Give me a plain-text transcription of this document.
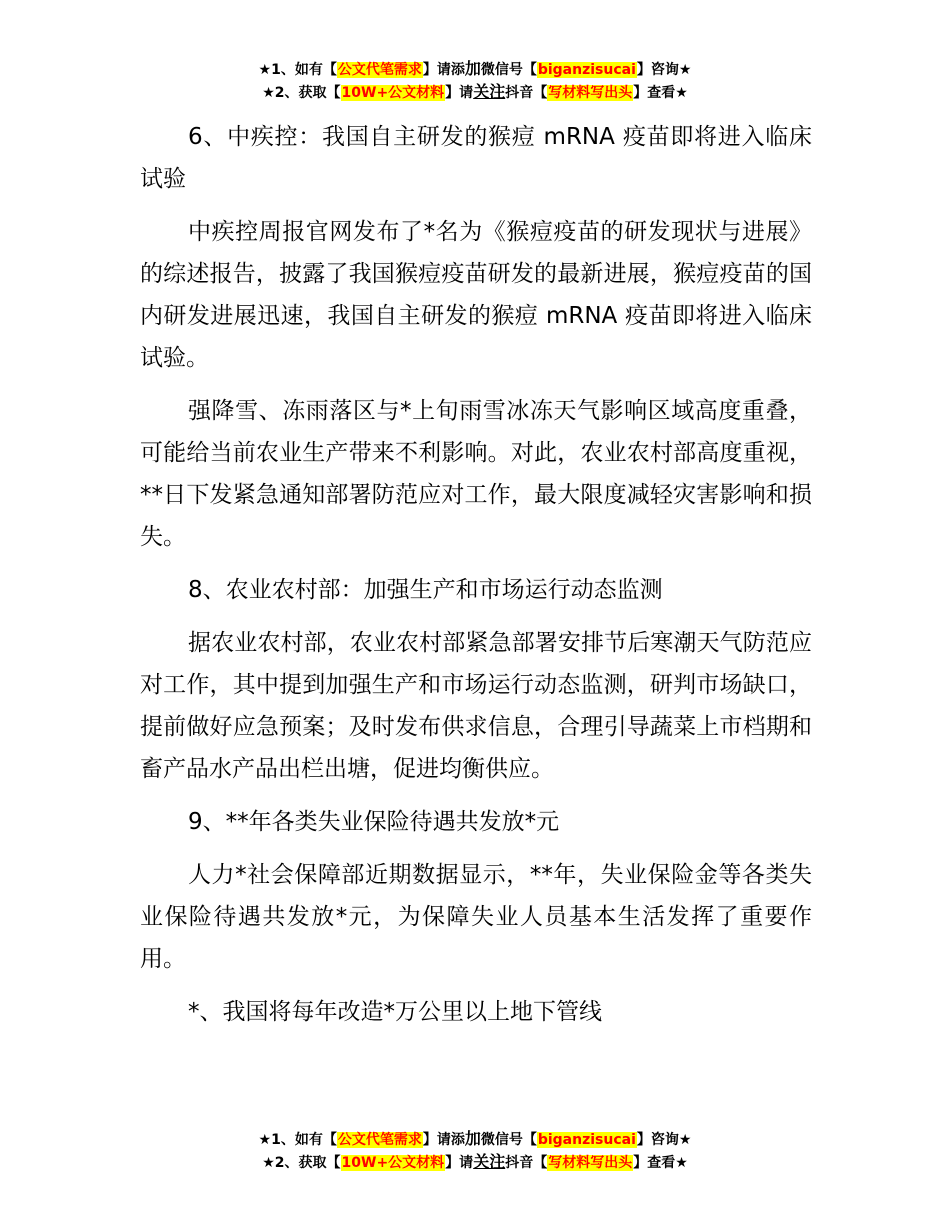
★1、如有【公文代笔需求】请添加微信号【biganzisucai】咨询★
★2、获取【10W+公文材料】请关注抖音【写材料写出头】查看★

6、中疾控：我国自主研发的猴痘 mRNA 疫苗即将进入临床试验

中疾控周报官网发布了*名为《猴痘疫苗的研发现状与进展》的综述报告，披露了我国猴痘疫苗研发的最新进展，猴痘疫苗的国内研发进展迅速，我国自主研发的猴痘 mRNA 疫苗即将进入临床试验。

强降雪、冻雨落区与*上旬雨雪冰冻天气影响区域高度重叠，可能给当前农业生产带来不利影响。对此，农业农村部高度重视，**日下发紧急通知部署防范应对工作，最大限度减轻灾害影响和损失。

8、农业农村部：加强生产和市场运行动态监测

据农业农村部，农业农村部紧急部署安排节后寒潮天气防范应对工作，其中提到加强生产和市场运行动态监测，研判市场缺口，提前做好应急预案；及时发布供求信息，合理引导蔬菜上市档期和畜产品水产品出栏出塘，促进均衡供应。

9、**年各类失业保险待遇共发放*元

人力*社会保障部近期数据显示，**年，失业保险金等各类失业保险待遇共发放*元，为保障失业人员基本生活发挥了重要作用。

*、我国将每年改造*万公里以上地下管线

★1、如有【公文代笔需求】请添加微信号【biganzisucai】咨询★
★2、获取【10W+公文材料】请关注抖音【写材料写出头】查看★
